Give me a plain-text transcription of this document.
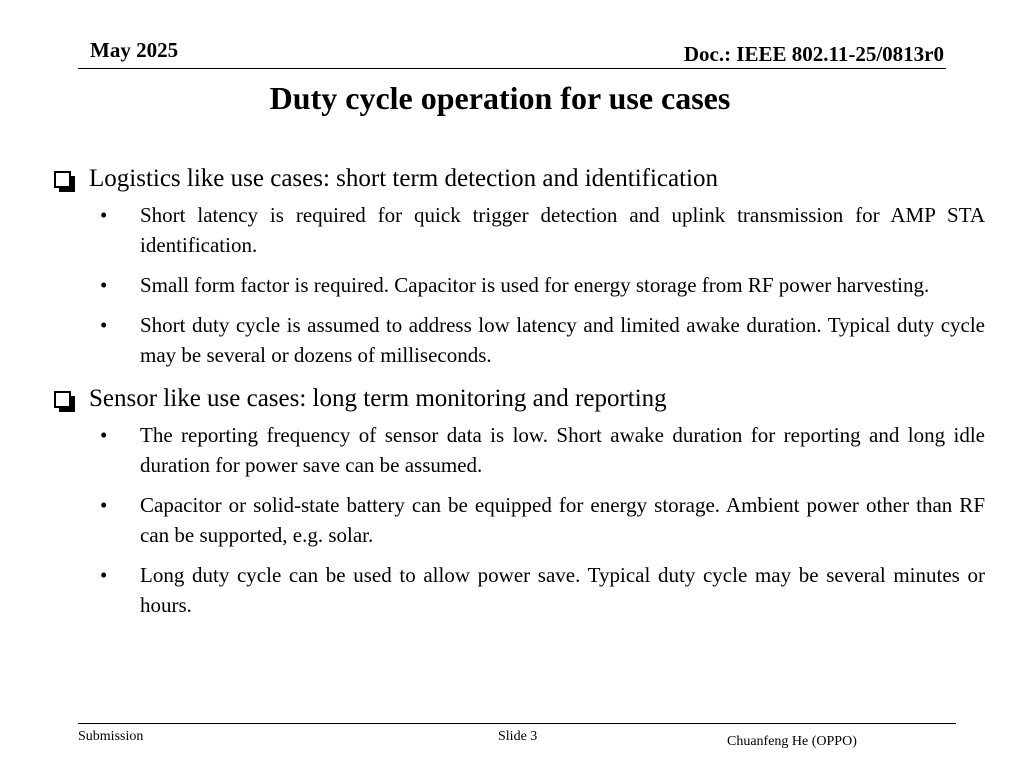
May 2025	Doc.: IEEE 802.11-25/0813r0
Duty cycle operation for use cases
Logistics like use cases: short term detection and identification
• Short latency is required for quick trigger detection and uplink transmission for AMP STA identification.
• Small form factor is required. Capacitor is used for energy storage from RF power harvesting.
• Short duty cycle is assumed to address low latency and limited awake duration. Typical duty cycle may be several or dozens of milliseconds.
Sensor like use cases: long term monitoring and reporting
• The reporting frequency of sensor data is low. Short awake duration for reporting and long idle duration for power save can be assumed.
• Capacitor or solid-state battery can be equipped for energy storage. Ambient power other than RF can be supported, e.g. solar.
• Long duty cycle can be used to allow power save. Typical duty cycle may be several minutes or hours.
Submission	Slide 3	Chuanfeng He (OPPO)
